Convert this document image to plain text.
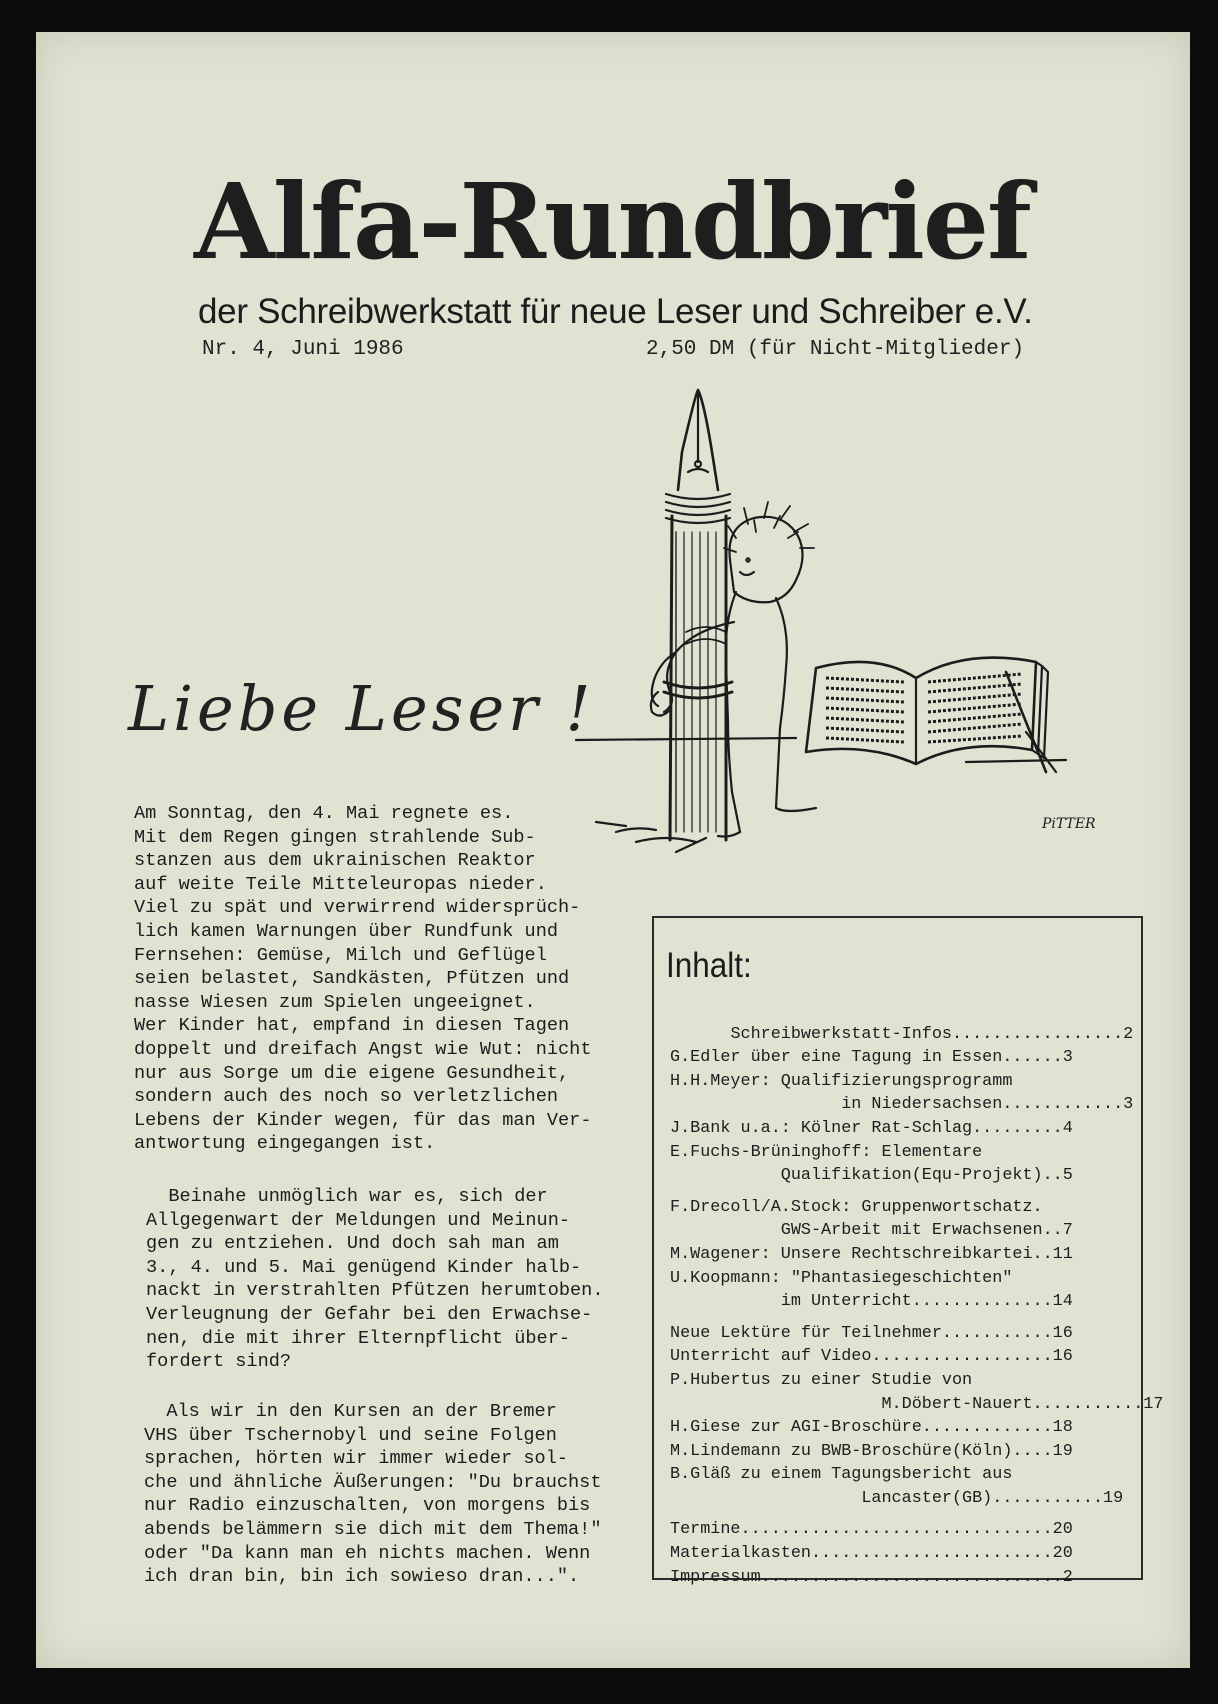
Alfa-Rundbrief
der Schreibwerkstatt für neue Leser und Schreiber e.V.
Nr. 4, Juni 1986	2,50 DM (für Nicht-Mitglieder)
PiTTER
Liebe Leser !
Am Sonntag, den 4. Mai regnete es.
Mit dem Regen gingen strahlende Sub-
stanzen aus dem ukrainischen Reaktor
auf weite Teile Mitteleuropas nieder.
Viel zu spät und verwirrend widersprüch-
lich kamen Warnungen über Rundfunk und
Fernsehen: Gemüse, Milch und Geflügel
seien belastet, Sandkästen, Pfützen und
nasse Wiesen zum Spielen ungeeignet.
Wer Kinder hat, empfand in diesen Tagen
doppelt und dreifach Angst wie Wut: nicht
nur aus Sorge um die eigene Gesundheit,
sondern auch des noch so verletzlichen
Lebens der Kinder wegen, für das man Ver-
antwortung eingegangen ist.
Beinahe unmöglich war es, sich der
Allgegenwart der Meldungen und Meinun-
gen zu entziehen. Und doch sah man am
3., 4. und 5. Mai genügend Kinder halb-
nackt in verstrahlten Pfützen herumtoben.
Verleugnung der Gefahr bei den Erwachse-
nen, die mit ihrer Elternpflicht über-
fordert sind?
Als wir in den Kursen an der Bremer
VHS über Tschernobyl und seine Folgen
sprachen, hörten wir immer wieder sol-
che und ähnliche Äußerungen: "Du brauchst
nur Radio einzuschalten, von morgens bis
abends belämmern sie dich mit dem Thema!"
oder "Da kann man eh nichts machen. Wenn
ich dran bin, bin ich sowieso dran...".
Inhalt:

Schreibwerkstatt-Infos.................2
G.Edler über eine Tagung in Essen......3
H.H.Meyer: Qualifizierungsprogramm
in Niedersachsen............3
J.Bank u.a.: Kölner Rat-Schlag.........4
E.Fuchs-Brüninghoff: Elementare
Qualifikation(Equ-Projekt)..5
F.Drecoll/A.Stock: Gruppenwortschatz.
GWS-Arbeit mit Erwachsenen..7
M.Wagener: Unsere Rechtschreibkartei..11
U.Koopmann: "Phantasiegeschichten"
im Unterricht..............14
Neue Lektüre für Teilnehmer...........16
Unterricht auf Video..................16
P.Hubertus zu einer Studie von
M.Döbert-Nauert...........17
H.Giese zur AGI-Broschüre.............18
M.Lindemann zu BWB-Broschüre(Köln)....19
B.Gläß zu einem Tagungsbericht aus
Lancaster(GB)...........19
Termine...............................20
Materialkasten........................20
Impressum..............................2
